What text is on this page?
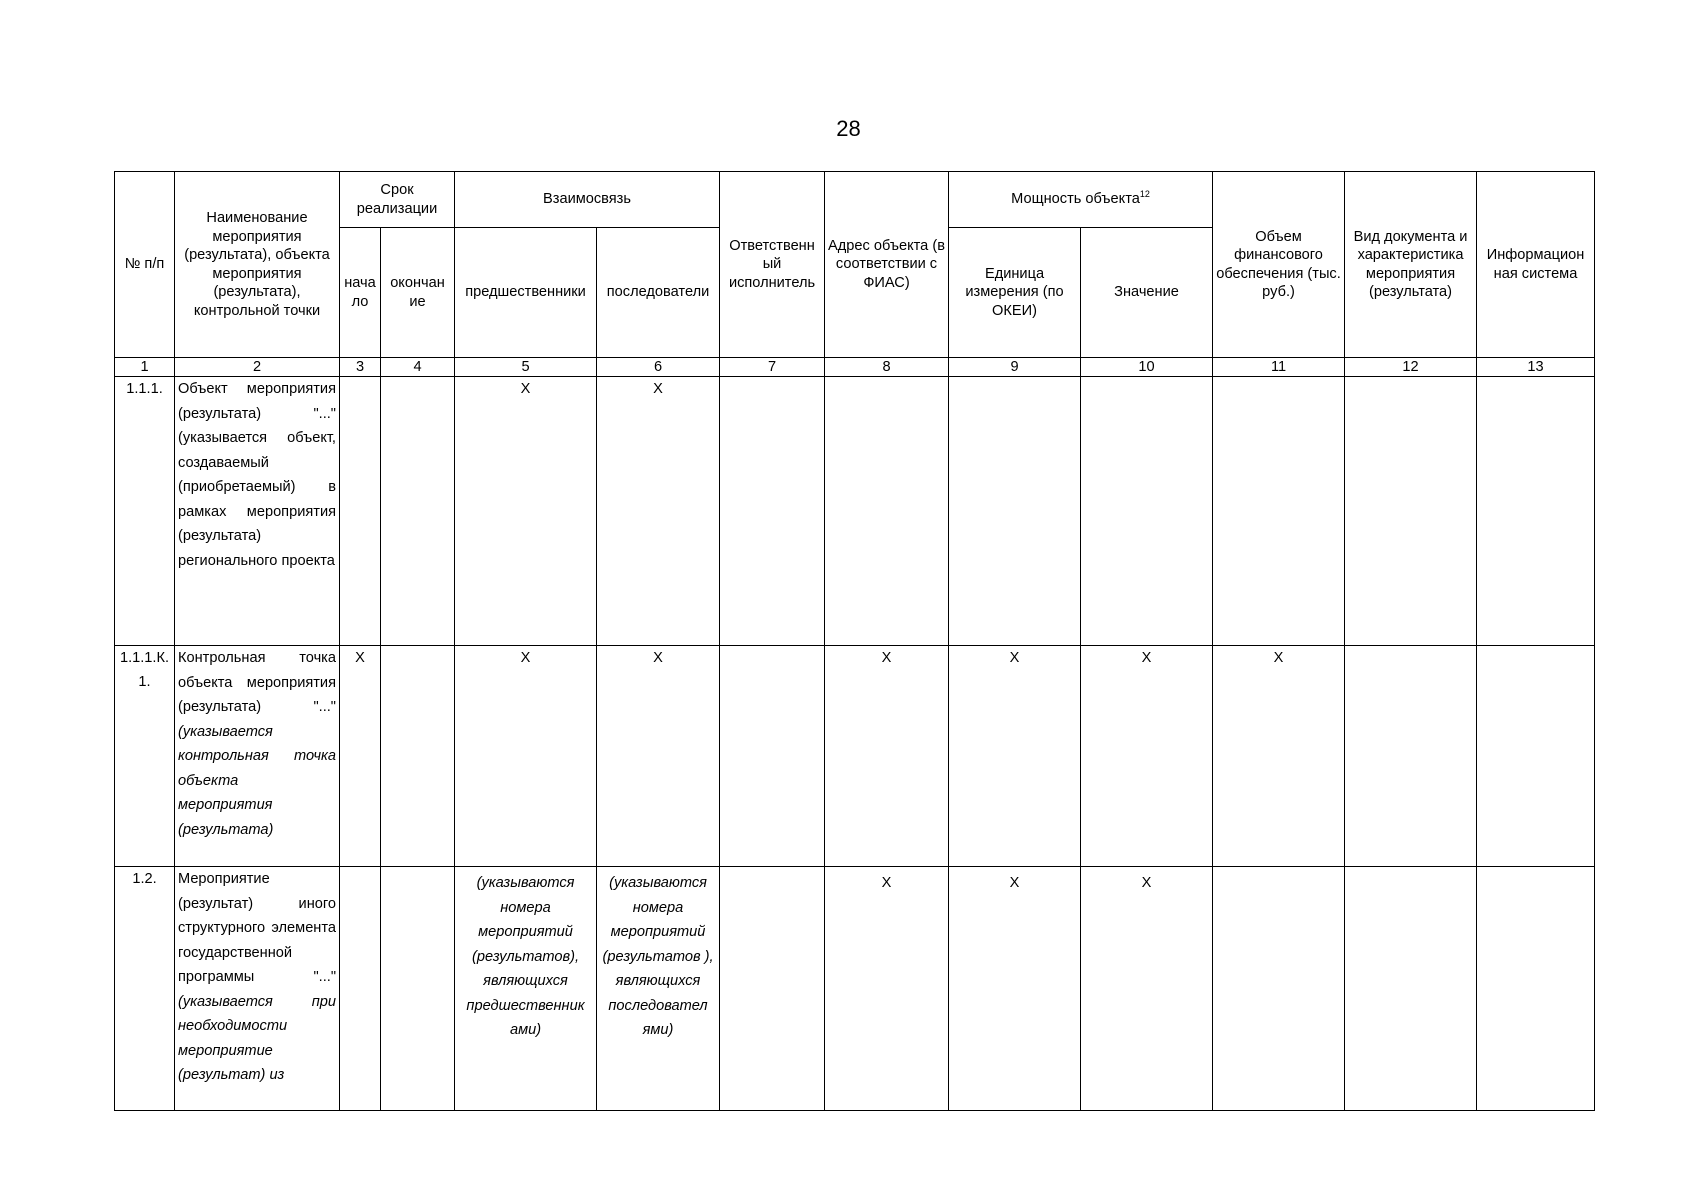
28
№ п/п	Наименование мероприятия (результата), объекта мероприятия (результата), контрольной точки	Срок реализации		Взаимосвязь		Ответственн ый исполнитель	Адрес объекта (в соответствии с ФИАС)	Мощность объекта$^{12}$		Объем финансового обеспечения (тыс. руб.)	Вид документа и характеристика мероприятия (результата)	Информацион ная система
		нача ло	окончан ие	предшественники	последователи			Единица измерения (по ОКЕИ)	Значение			
1	2	3	4	5	6	7	8	9	10	11	12	13
1.1.1.	Объект мероприятия (результата) "..." (указывается объект, создаваемый (приобретаемый) в рамках мероприятия (результата) регионального проекта			X	X							
1.1.1.К.1.	Контрольная точка объекта мероприятия (результата) "..." (указывается контрольная точка объекта мероприятия (результата)	X		X	X		X	X	X	X		
1.2.	Мероприятие (результат) иного структурного элемента государственной программы "..." (указывается при необходимости мероприятие (результат) из			(указываются номера мероприятий (результатов), являющихся предшественник ами)	(указываются номера мероприятий (результатов ), являющихся последовател ями)		X	X	X			
